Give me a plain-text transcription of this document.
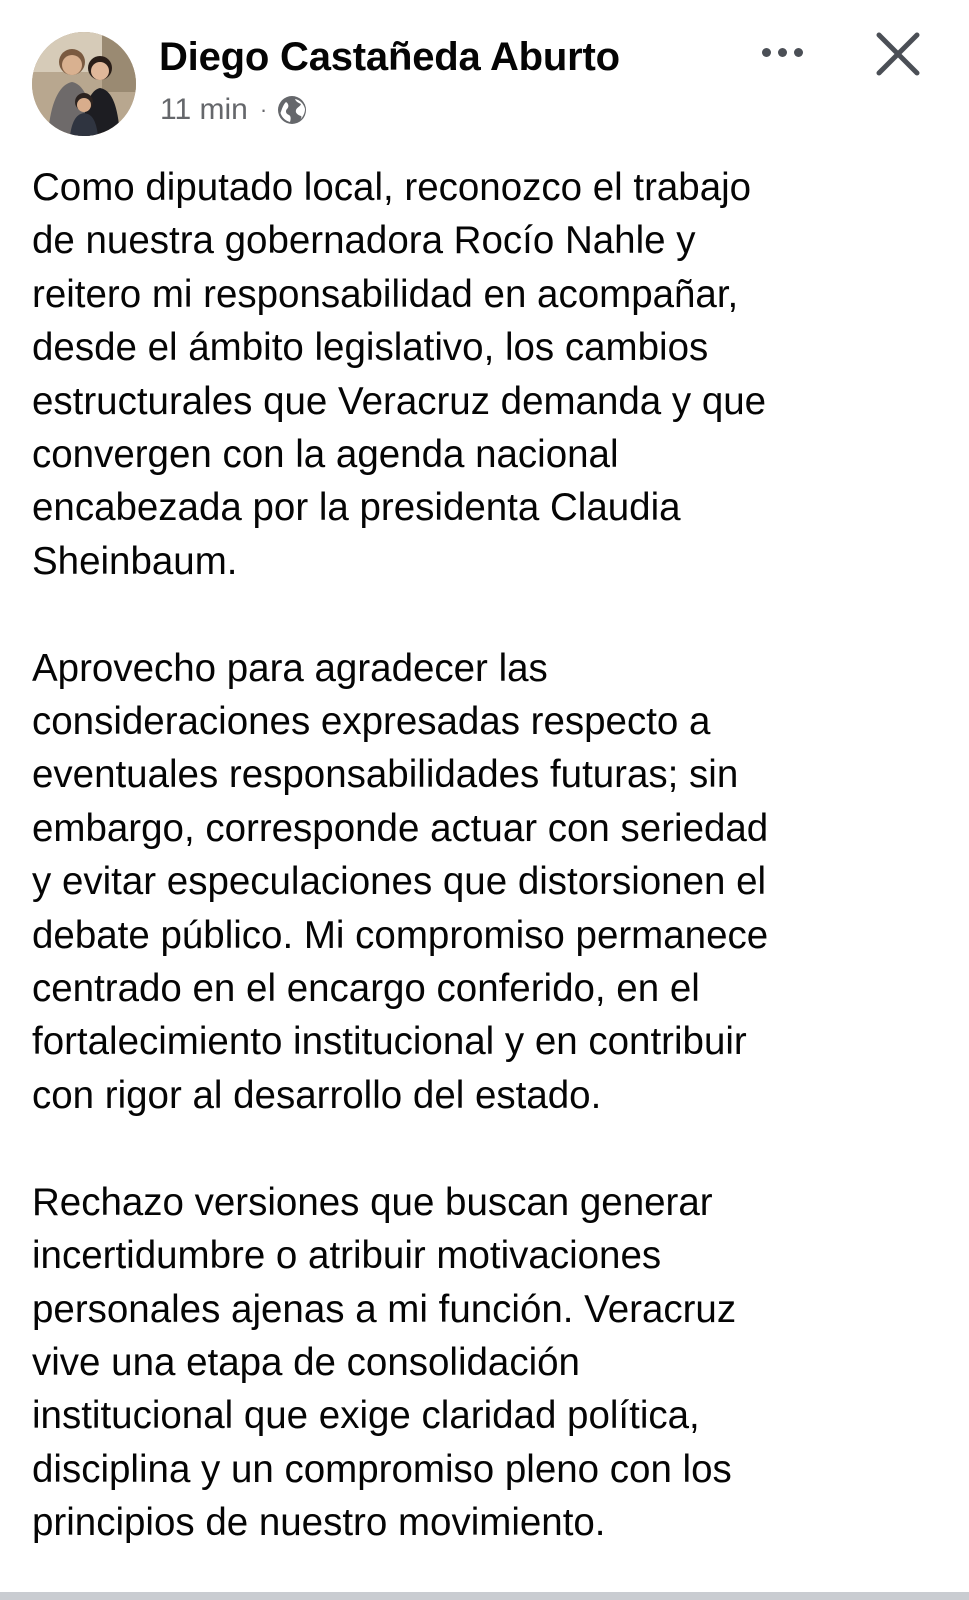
Diego Castañeda Aburto
11 min ·

Como diputado local, reconozco el trabajo
de nuestra gobernadora Rocío Nahle y
reitero mi responsabilidad en acompañar,
desde el ámbito legislativo, los cambios
estructurales que Veracruz demanda y que
convergen con la agenda nacional
encabezada por la presidenta Claudia
Sheinbaum.

Aprovecho para agradecer las
consideraciones expresadas respecto a
eventuales responsabilidades futuras; sin
embargo, corresponde actuar con seriedad
y evitar especulaciones que distorsionen el
debate público. Mi compromiso permanece
centrado en el encargo conferido, en el
fortalecimiento institucional y en contribuir
con rigor al desarrollo del estado.

Rechazo versiones que buscan generar
incertidumbre o atribuir motivaciones
personales ajenas a mi función. Veracruz
vive una etapa de consolidación
institucional que exige claridad política,
disciplina y un compromiso pleno con los
principios de nuestro movimiento.
